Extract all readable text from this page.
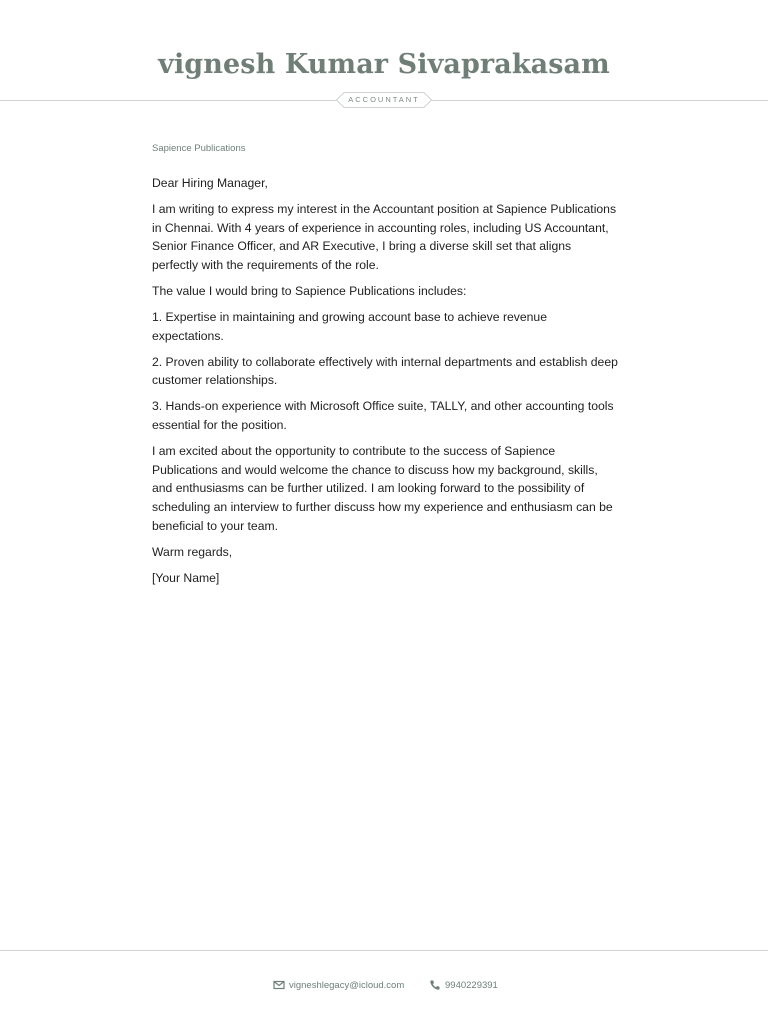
vignesh Kumar Sivaprakasam
ACCOUNTANT
Sapience Publications

Dear Hiring Manager,

I am writing to express my interest in the Accountant position at Sapience Publications in Chennai. With 4 years of experience in accounting roles, including US Accountant, Senior Finance Officer, and AR Executive, I bring a diverse skill set that aligns perfectly with the requirements of the role.

The value I would bring to Sapience Publications includes:

1. Expertise in maintaining and growing account base to achieve revenue expectations.

2. Proven ability to collaborate effectively with internal departments and establish deep customer relationships.

3. Hands-on experience with Microsoft Office suite, TALLY, and other accounting tools essential for the position.

I am excited about the opportunity to contribute to the success of Sapience Publications and would welcome the chance to discuss how my background, skills, and enthusiasms can be further utilized. I am looking forward to the possibility of scheduling an interview to further discuss how my experience and enthusiasm can be beneficial to your team.

Warm regards,

[Your Name]

vigneshlegacy@icloud.com	9940229391
